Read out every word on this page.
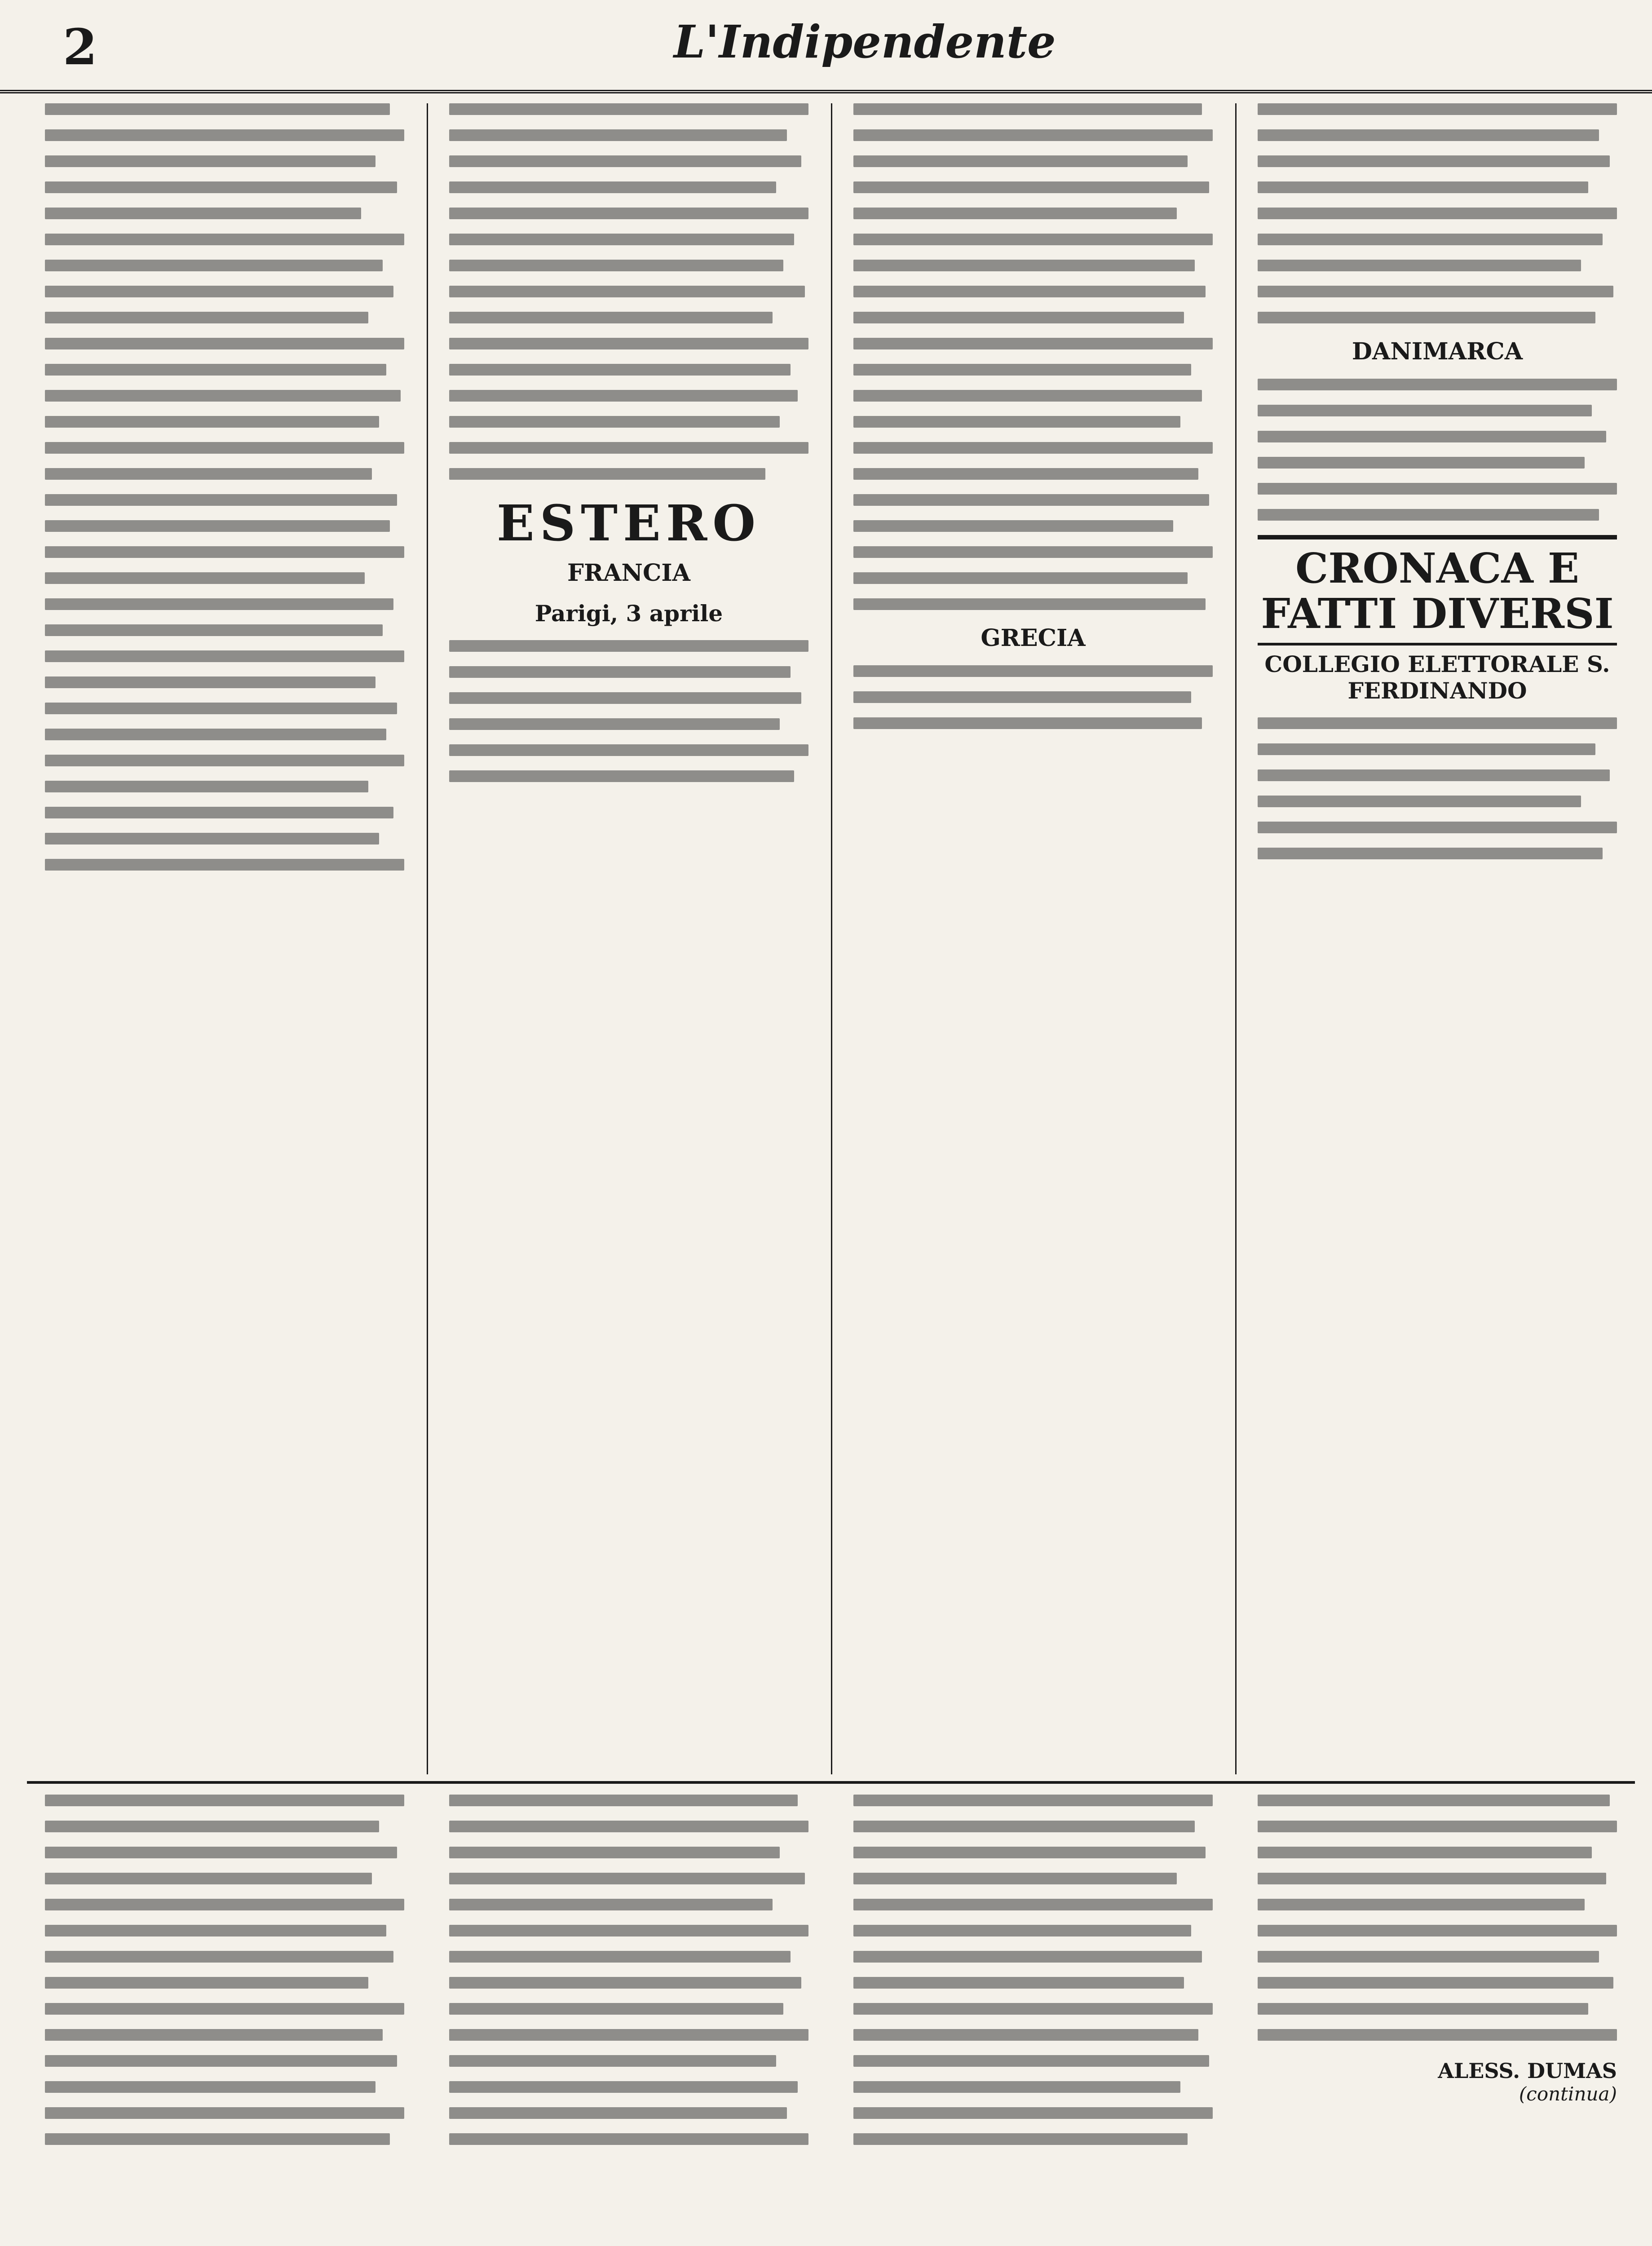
2	L'Indipendente
ESTERO
FRANCIA
Parigi, 3 aprile
GRECIA
DANIMARCA
CRONACA E FATTI DIVERSI
COLLEGIO ELETTORALE S. FERDINANDO
ALESS. DUMAS
(continua)
